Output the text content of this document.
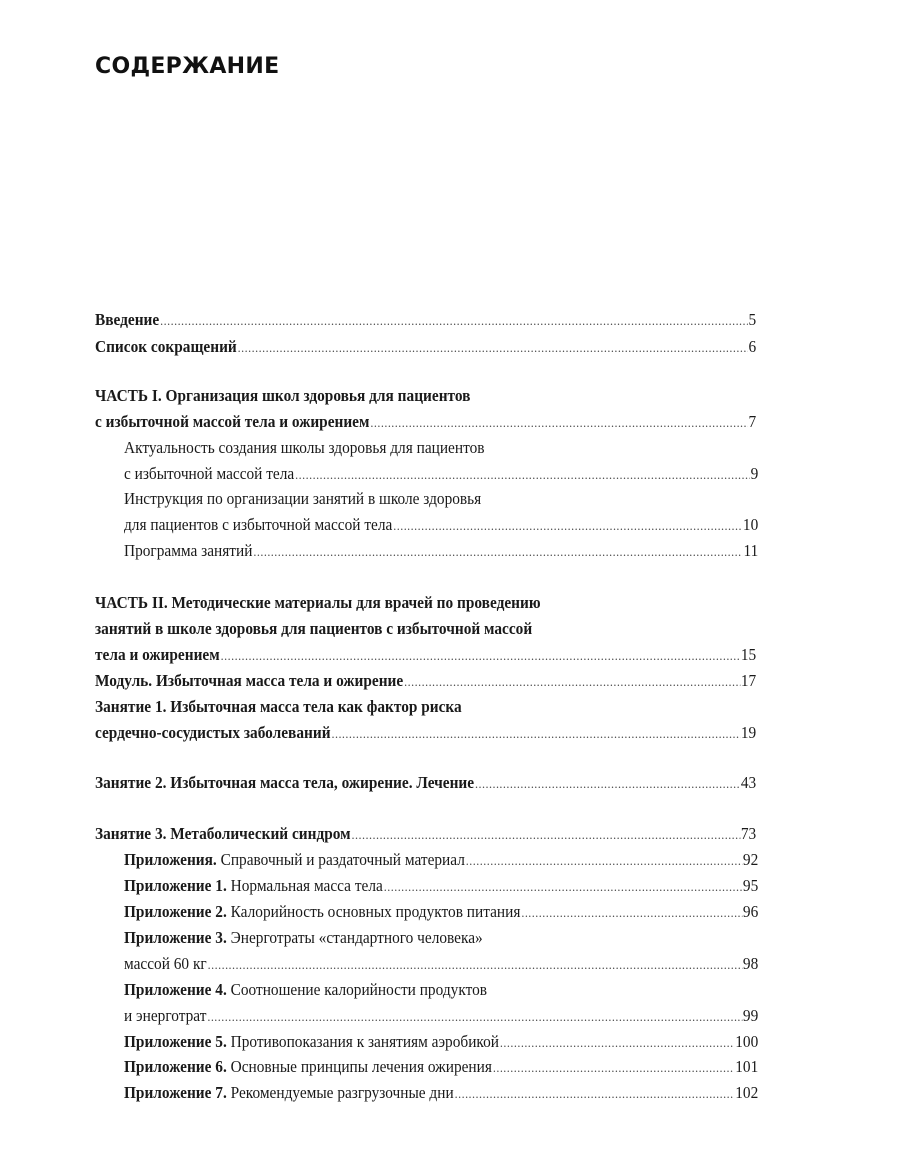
СОДЕРЖАНИЕ
Введение .....	5
Список сокращений .....	6
ЧАСТЬ I. Организация школ здоровья для пациентов
с избыточной массой тела и ожирением .....	7
Актуальность создания школы здоровья для пациентов
с избыточной массой тела .....	9
Инструкция по организации занятий в школе здоровья
для пациентов с избыточной массой тела .....	10
Программа занятий .....	11
ЧАСТЬ II. Методические материалы для врачей по проведению
занятий в школе здоровья для пациентов с избыточной массой
тела и ожирением .....	15
Модуль. Избыточная масса тела и ожирение .....	17
Занятие 1. Избыточная масса тела как фактор риска
сердечно-сосудистых заболеваний .....	19
Занятие 2. Избыточная масса тела, ожирение. Лечение .....	43
Занятие 3. Метаболический синдром .....	73
Приложения. Справочный и раздаточный материал .....	92
Приложение 1. Нормальная масса тела .....	95
Приложение 2. Калорийность основных продуктов питания .....	96
Приложение 3. Энерготраты «стандартного человека»
массой 60 кг .....	98
Приложение 4. Соотношение калорийности продуктов
и энерготрат .....	99
Приложение 5. Противопоказания к занятиям аэробикой .....	100
Приложение 6. Основные принципы лечения ожирения .....	101
Приложение 7. Рекомендуемые разгрузочные дни .....	102
